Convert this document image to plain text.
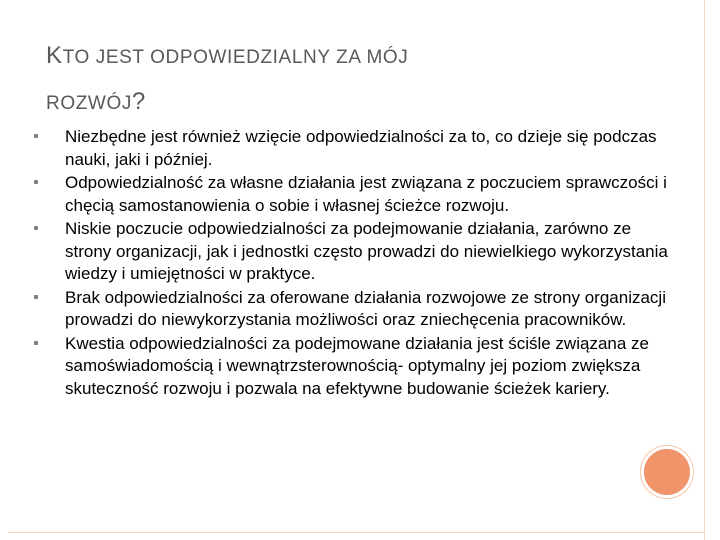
KTO JEST ODPOWIEDZIALNY ZA MÓJ
ROZWÓJ?
Niezbędne jest również wzięcie odpowiedzialności za to, co dzieje się podczas nauki, jaki i później.
Odpowiedzialność za własne działania jest związana z poczuciem sprawczości i chęcią samostanowienia o sobie i własnej ścieżce rozwoju.
Niskie poczucie odpowiedzialności za podejmowanie działania, zarówno ze strony organizacji, jak i jednostki często prowadzi do niewielkiego wykorzystania wiedzy i umiejętności w praktyce.
Brak odpowiedzialności za oferowane działania rozwojowe ze strony organizacji prowadzi do niewykorzystania możliwości oraz zniechęcenia pracowników.
Kwestia odpowiedzialności za podejmowane działania jest ściśle związana ze samoświadomością i wewnątrzsterownością- optymalny jej poziom zwiększa skuteczność rozwoju i pozwala na efektywne budowanie ścieżek kariery.
